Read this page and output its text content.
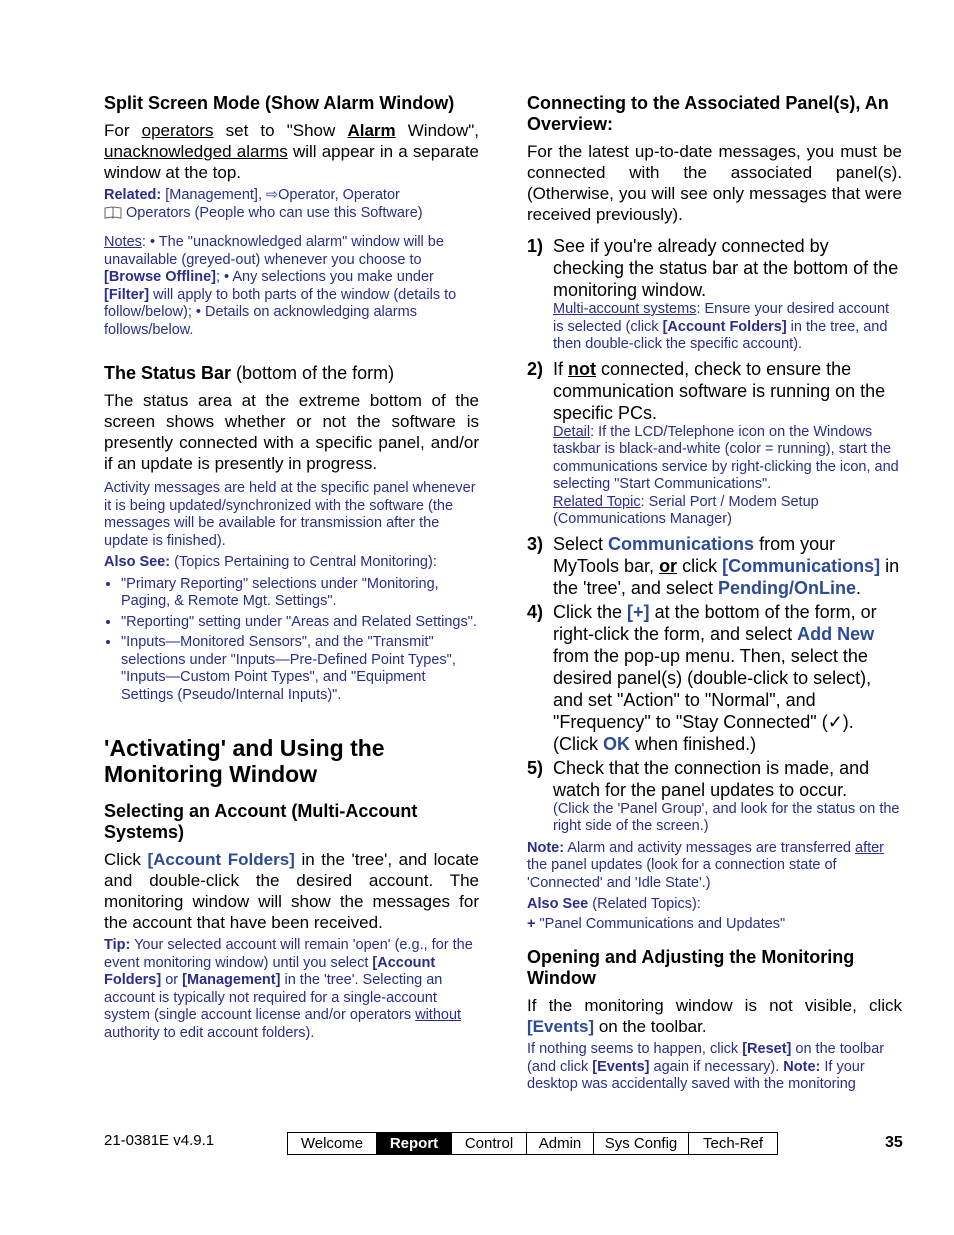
Split Screen Mode (Show Alarm Window)

For operators set to "Show Alarm Window", unacknowledged alarms will appear in a separate window at the top.

Related: [Management], ⇨Operator, Operator
Operators (People who can use this Software)
Notes: • The "unacknowledged alarm" window will be unavailable (greyed-out) whenever you choose to [Browse Offline]; • Any selections you make under [Filter] will apply to both parts of the window (details to follow/below); • Details on acknowledging alarms follows/below.
The Status Bar (bottom of the form)

The status area at the extreme bottom of the screen shows whether or not the software is presently connected with a specific panel, and/or if an update is presently in progress.

Activity messages are held at the specific panel whenever it is being updated/synchronized with the software (the messages will be available for transmission after the update is finished).
Also See: (Topics Pertaining to Central Monitoring):
• "Primary Reporting" selections under "Monitoring, Paging, & Remote Mgt. Settings".
• "Reporting" setting under "Areas and Related Settings".
• "Inputs—Monitored Sensors", and the "Transmit" selections under "Inputs—Pre-Defined Point Types", "Inputs—Custom Point Types", and "Equipment Settings (Pseudo/Internal Inputs)".
'Activating' and Using the Monitoring Window
Selecting an Account (Multi-Account Systems)

Click [Account Folders] in the 'tree', and locate and double-click the desired account. The monitoring window will show the messages for the account that have been received.

Tip: Your selected account will remain 'open' (e.g., for the event monitoring window) until you select [Account Folders] or [Management] in the 'tree'. Selecting an account is typically not required for a single-account system (single account license and/or operators without authority to edit account folders).
Connecting to the Associated Panel(s), An Overview:

For the latest up-to-date messages, you must be connected with the associated panel(s). (Otherwise, you will see only messages that were received previously).

1) See if you're already connected by checking the status bar at the bottom of the monitoring window.
Multi-account systems: Ensure your desired account is selected (click [Account Folders] in the tree, and then double-click the specific account).
2) If not connected, check to ensure the communication software is running on the specific PCs.
Detail: If the LCD/Telephone icon on the Windows taskbar is black-and-white (color = running), start the communications service by right-clicking the icon, and selecting "Start Communications".
Related Topic: Serial Port / Modem Setup (Communications Manager)
3) Select Communications from your MyTools bar, or click [Communications] in the 'tree', and select Pending/OnLine.
4) Click the [+] at the bottom of the form, or right-click the form, and select Add New from the pop-up menu. Then, select the desired panel(s) (double-click to select), and set "Action" to "Normal", and "Frequency" to "Stay Connected" (✓). (Click OK when finished.)
5) Check that the connection is made, and watch for the panel updates to occur.
(Click the 'Panel Group', and look for the status on the right side of the screen.)
Note: Alarm and activity messages are transferred after the panel updates (look for a connection state of 'Connected' and 'Idle State'.)
Also See (Related Topics):
+ "Panel Communications and Updates"
Opening and Adjusting the Monitoring Window

If the monitoring window is not visible, click [Events] on the toolbar.

If nothing seems to happen, click [Reset] on the toolbar (and click [Events] again if necessary). Note: If your desktop was accidentally saved with the monitoring
21-0381E v4.9.1	Welcome	Report	Control	Admin	Sys Config	Tech-Ref	35
